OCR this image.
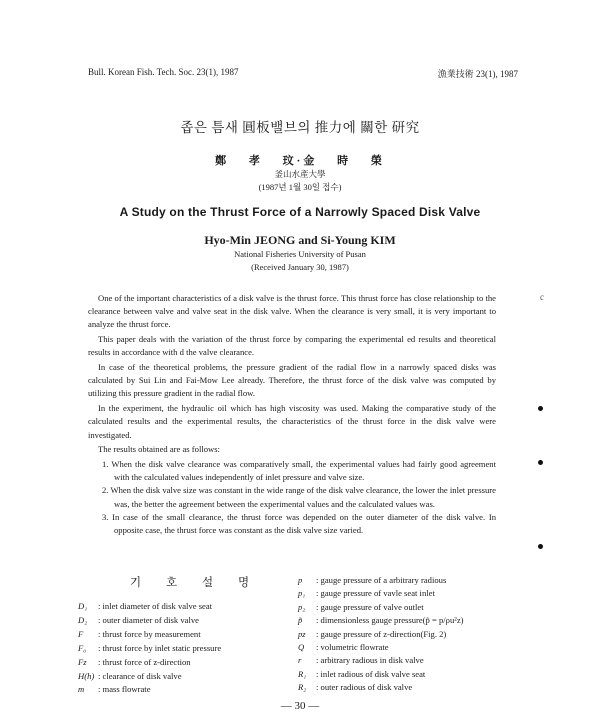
Bull. Korean Fish. Tech. Soc. 23(1), 1987	漁業技術 23(1), 1987
좁은 틈새 圓板밸브의 推力에 關한 研究
鄭 孝 玟·金 時 榮
釜山水產大學
(1987년 1월 30일 접수)
A Study on the Thrust Force of a Narrowly Spaced Disk Valve
Hyo-Min JEONG and Si-Young KIM
National Fisheries University of Pusan
(Received January 30, 1987)

One of the important characteristics of a disk valve is the thrust force. This thrust force has close relationship to the clearance between valve and valve seat in the disk valve. When the clearance is very small, it is very important to analyze the thrust force.

This paper deals with the variation of the thrust force by comparing the experimental ed results and theoretical results in accordance with d the valve clearance.

In case of the theoretical problems, the pressure gradient of the radial flow in a narrowly spaced disks was calculated by Sui Lin and Fai-Mow Lee already. Therefore, the thrust force of the disk valve was computed by utilizing this pressure gradient in the radial flow.

In the experiment, the hydraulic oil which has high viscosity was used. Making the comparative study of the calculated results and the experimental results, the characteristics of the thrust force in the disk valve were investigated.

The results obtained are as follows:

1. When the disk valve clearance was comparatively small, the experimental values had fairly good agreement with the calculated values independently of inlet pressure and valve size.
2. When the disk valve size was constant in the wide range of the disk valve clearance, the lower the inlet pressure was, the better the agreement between the experimental values and the calculated values was.
3. In case of the small clearance, the thrust force was depended on the outer diameter of the disk valve. In opposite case, the thrust force was constant as the disk valve size varied.
기 호 설 명
D₁	: inlet diameter of disk valve seat
D₂	: outer diameter of disk valve
F	: thrust force by measurement
F₀	: thrust force by inlet static pressure
Fz	: thrust force of z-direction
H(h) : clearance of disk valve
m	: mass flowrate
p	: gauge pressure of a arbitrary radious
p₁	: gauge pressure of vavle seat inlet
p₂	: gauge pressure of valve outlet
p̃	: dimensionless gauge pressure(p̃ = p/ρu²z)
pz	: gauge pressure of z-direction(Fig. 2)
Q	: volumetric flowrate
r	: arbitrary radious in disk valve
R₁	: inlet radious of disk valve seat
R₂	: outer radious of disk valve
— 30 —
c
